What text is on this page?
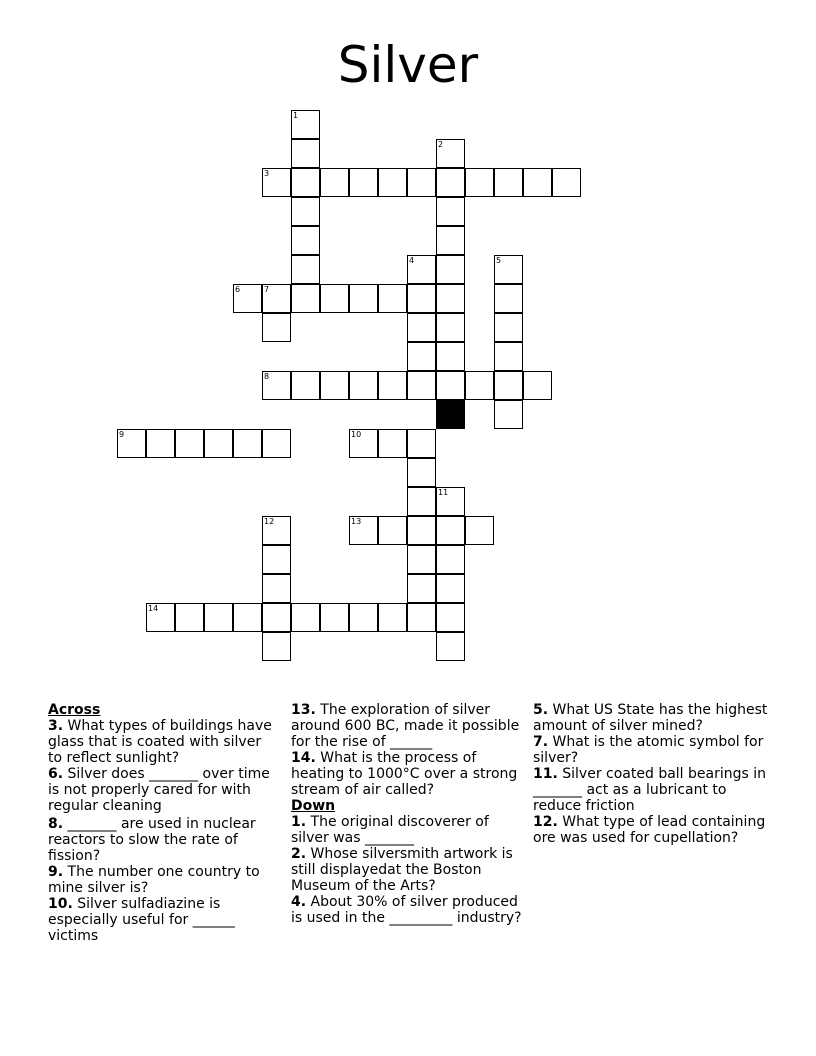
Silver
1
3
2
4	5
6	7
8
9	10
11
12	13
14
Across

3. What types of buildings have glass that is coated with silver to reflect sunlight?

6. Silver does _______ over time is not properly cared for with regular cleaning

8. _______ are used in nuclear reactors to slow the rate of fission?

9. The number one country to mine silver is?

10. Silver sulfadiazine is especially useful for ______ victims

13. The exploration of silver around 600 BC, made it possible for the rise of ______

14. What is the process of heating to 1000°C over a strong stream of air called?

Down

1. The original discoverer of silver was _______

2. Whose silversmith artwork is still displayedat the Boston Museum of the Arts?

4. About 30% of silver produced is used in the _________ industry?

5. What US State has the highest amount of silver mined?

7. What is the atomic symbol for silver?

11. Silver coated ball bearings in _______ act as a lubricant to reduce friction

12. What type of lead containing ore was used for cupellation?
